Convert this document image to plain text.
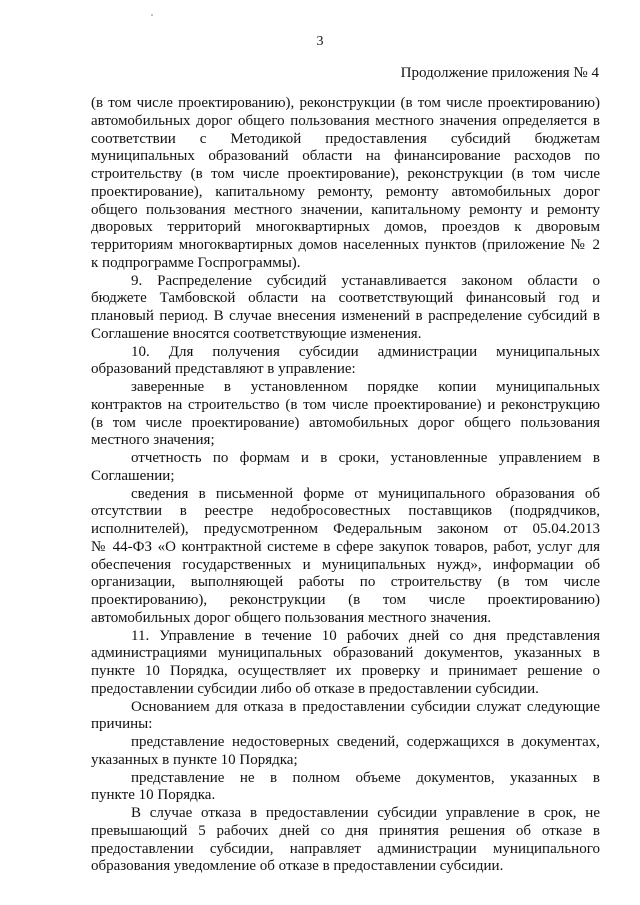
3
Продолжение приложения № 4
(в том числе проектированию), реконструкции (в том числе проектированию)
автомобильных дорог общего пользования местного значения определяется в
соответствии с Методикой предоставления субсидий бюджетам
муниципальных образований области на финансирование расходов по
строительству (в том числе проектирование), реконструкции (в том числе
проектирование), капитальному ремонту, ремонту автомобильных дорог
общего пользования местного значении, капитальному ремонту и ремонту
дворовых территорий многоквартирных домов, проездов к дворовым
территориям многоквартирных домов населенных пунктов (приложение № 2
к подпрограмме Госпрограммы).
9. Распределение субсидий устанавливается законом области о
бюджете Тамбовской области на соответствующий финансовый год и
плановый период. В случае внесения изменений в распределение субсидий в
Соглашение вносятся соответствующие изменения.
10. Для получения субсидии администрации муниципальных
образований представляют в управление:
заверенные в установленном порядке копии муниципальных
контрактов на строительство (в том числе проектирование) и реконструкцию
(в том числе проектирование) автомобильных дорог общего пользования
местного значения;
отчетность по формам и в сроки, установленные управлением в
Соглашении;
сведения в письменной форме от муниципального образования об
отсутствии в реестре недобросовестных поставщиков (подрядчиков,
исполнителей), предусмотренном Федеральным законом от 05.04.2013
№ 44-ФЗ «О контрактной системе в сфере закупок товаров, работ, услуг для
обеспечения государственных и муниципальных нужд», информации об
организации, выполняющей работы по строительству (в том числе
проектированию), реконструкции (в том числе проектированию)
автомобильных дорог общего пользования местного значения.
11. Управление в течение 10 рабочих дней со дня представления
администрациями муниципальных образований документов, указанных в
пункте 10 Порядка, осуществляет их проверку и принимает решение о
предоставлении субсидии либо об отказе в предоставлении субсидии.
Основанием для отказа в предоставлении субсидии служат следующие
причины:
представление недостоверных сведений, содержащихся в документах,
указанных в пункте 10 Порядка;
представление не в полном объеме документов, указанных в
пункте 10 Порядка.
В случае отказа в предоставлении субсидии управление в срок, не
превышающий 5 рабочих дней со дня принятия решения об отказе в
предоставлении субсидии, направляет администрации муниципального
образования уведомление об отказе в предоставлении субсидии.
